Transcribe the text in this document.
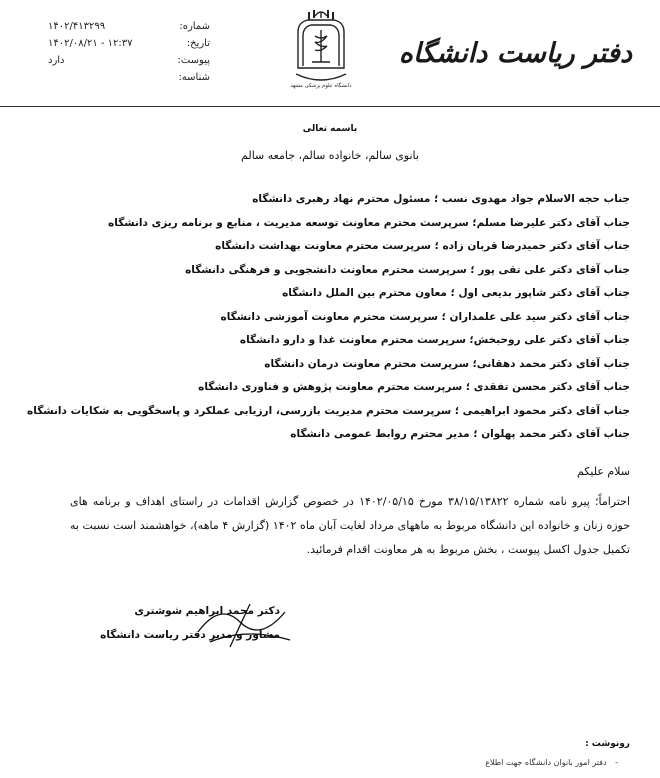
دفتر ریاست دانشگاه
دانشگاه علوم پزشکی مشهد
شماره:
۱۴۰۲/۴۱۳۲۹۹
تاریخ:
۱۴۰۲/۰۸/۲۱ - ۱۲:۳۷
پیوست:
دارد
شناسه:
باسمه تعالی
بانوی سالم، خانواده سالم، جامعه سالم
جناب حجه الاسلام جواد مهدوی نسب ؛ مسئول محترم نهاد رهبری دانشگاه
جناب آقای دکتر علیرضا مسلم؛ سرپرست محترم معاونت توسعه مدیریت ، منابع و برنامه ریزی دانشگاه
جناب آقای دکتر حمیدرضا قربان زاده ؛ سرپرست محترم معاونت بهداشت دانشگاه
جناب آقای دکتر علی تقی پور ؛ سرپرست محترم معاونت دانشجویی و فرهنگی دانشگاه
جناب آقای دکتر شاپور بدیعی اول ؛ معاون محترم بین الملل دانشگاه
جناب آقای دکتر سید علی علمداران ؛ سرپرست محترم معاونت آموزشی دانشگاه
جناب آقای دکتر علی روحبخش؛ سرپرست محترم معاونت غذا و دارو دانشگاه
جناب آقای دکتر محمد دهقانی؛ سرپرست محترم معاونت درمان دانشگاه
جناب آقای دکتر محسن تفقدی ؛ سرپرست محترم معاونت پژوهش و فناوری دانشگاه
جناب آقای دکتر محمود ابراهیمی ؛ سرپرست محترم مدیریت بازرسی، ارزیابی عملکرد و پاسخگویی به شکایات دانشگاه
جناب آقای دکتر محمد پهلوان ؛ مدیر محترم روابط عمومی دانشگاه
سلام علیکم
احتراماً؛ پیرو نامه شماره ۳۸/۱۵/۱۳۸۲۲ مورخ ۱۴۰۲/۰۵/۱۵ در خصوص گزارش اقدامات در راستای اهداف و برنامه های حوزه زنان و خانواده این دانشگاه مربوط به ماههای مرداد لغایت آبان ماه ۱۴۰۲ (گزارش ۴ ماهه)، خواهشمند است نسبت به تکمیل جدول اکسل پیوست ، بخش مربوط به هر معاونت اقدام فرمائید.
دکتر محمد ابراهیم شوشتری
مشاور و مدیر دفتر ریاست دانشگاه
رونوشت :
- دفتر امور بانوان دانشگاه جهت اطلاع
